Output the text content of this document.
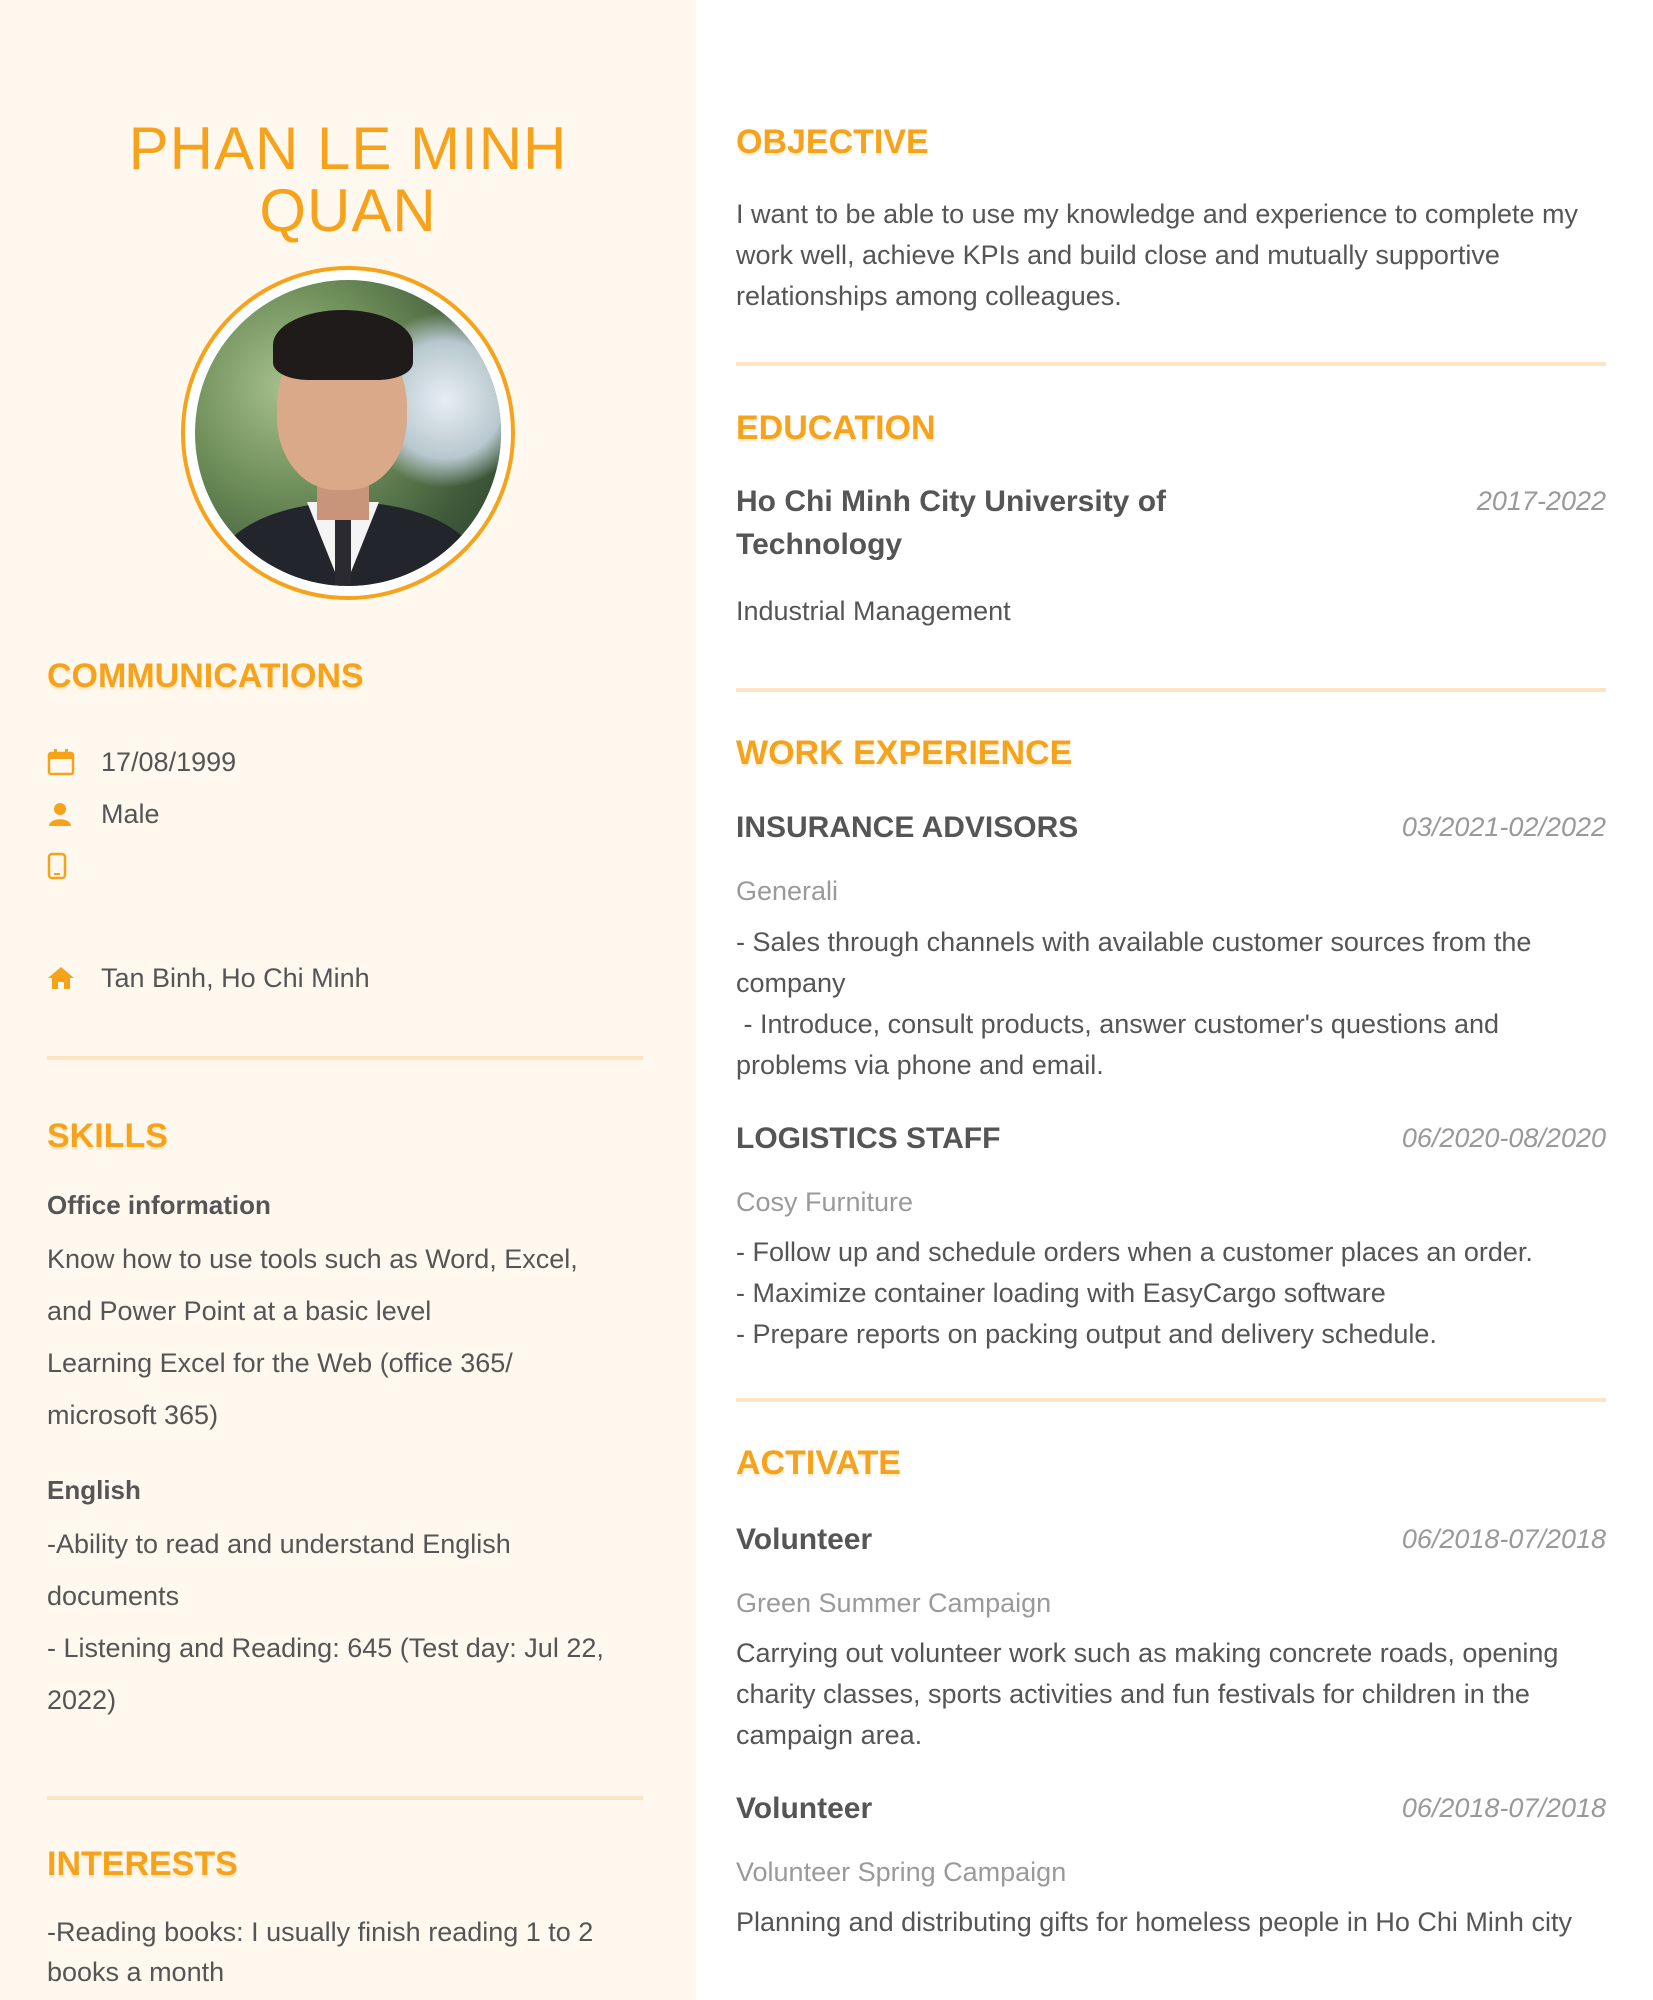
PHAN LE MINH QUAN
COMMUNICATIONS
17/08/1999
Male
Tan Binh, Ho Chi Minh
SKILLS
Office information
Know how to use tools such as Word, Excel,
and Power Point at a basic level
Learning Excel for the Web (office 365/
microsoft 365)
English
-Ability to read and understand English
documents
- Listening and Reading: 645 (Test day: Jul 22,
2022)
INTERESTS
-Reading books: I usually finish reading 1 to 2 books a month
OBJECTIVE
I want to be able to use my knowledge and experience to complete my work well, achieve KPIs and build close and mutually supportive relationships among colleagues.
EDUCATION
Ho Chi Minh City University of Technology
2017-2022
Industrial Management
WORK EXPERIENCE
INSURANCE ADVISORS	03/2021-02/2022
Generali
- Sales through channels with available customer sources from the company
- Introduce, consult products, answer customer's questions and problems via phone and email.
LOGISTICS STAFF	06/2020-08/2020
Cosy Furniture
- Follow up and schedule orders when a customer places an order.
- Maximize container loading with EasyCargo software
- Prepare reports on packing output and delivery schedule.
ACTIVATE
Volunteer	06/2018-07/2018
Green Summer Campaign
Carrying out volunteer work such as making concrete roads, opening charity classes, sports activities and fun festivals for children in the campaign area.
Volunteer	06/2018-07/2018
Volunteer Spring Campaign
Planning and distributing gifts for homeless people in Ho Chi Minh city
